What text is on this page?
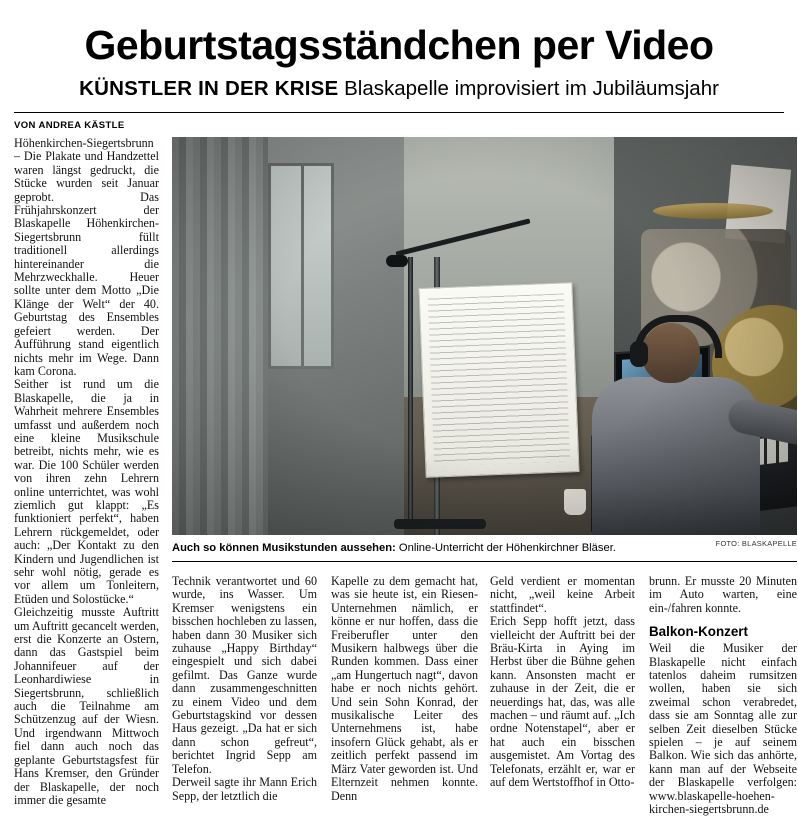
Geburtstagsständchen per Video
KÜNSTLER IN DER KRISE Blaskapelle improvisiert im Jubiläumsjahr
VON ANDREA KÄSTLE

Höhenkirchen-Siegertsbrunn – Die Plakate und Handzettel waren längst gedruckt, die Stücke wurden seit Januar geprobt. Das Frühjahrskonzert der Blaskapelle Höhenkirchen-Siegertsbrunn füllt traditionell allerdings hintereinander die Mehrzweckhalle. Heuer sollte unter dem Motto „Die Klänge der Welt“ der 40. Geburtstag des Ensembles gefeiert werden. Der Aufführung stand eigentlich nichts mehr im Wege. Dann kam Corona.

Seither ist rund um die Blaskapelle, die ja in Wahrheit mehrere Ensembles umfasst und außerdem noch eine kleine Musikschule betreibt, nichts mehr, wie es war. Die 100 Schüler werden von ihren zehn Lehrern online unterrichtet, was wohl ziemlich gut klappt: „Es funktioniert perfekt“, haben Lehrern rückgemeldet, oder auch: „Der Kontakt zu den Kindern und Jugendlichen ist sehr wohl nötig, gerade es vor allem um Tonleitern, Etüden und Solostücke.“

Gleichzeitig musste Auftritt um Auftritt gecancelt werden, erst die Konzerte an Ostern, dann das Gastspiel beim Johannifeuer auf der Leonhardiwiese in Siegertsbrunn, schließlich auch die Teilnahme am Schützenzug auf der Wiesn. Und irgendwann Mittwoch fiel dann auch noch das geplante Geburtstagsfest für Hans Kremser, den Gründer der Blaskapelle, der noch immer die gesamte

Auch so können Musikstunden aussehen: Online-Unterricht der Höhenkirchner Bläser.	FOTO: BLASKAPELLE

Technik verantwortet und 60 wurde, ins Wasser. Um Kremser wenigstens ein bisschen hochleben zu lassen, haben dann 30 Musiker sich zuhause „Happy Birthday“ eingespielt und sich dabei gefilmt. Das Ganze wurde dann zusammengeschnitten zu einem Video und dem Geburtstagskind vor dessen Haus gezeigt. „Da hat er sich dann schon gefreut“, berichtet Ingrid Sepp am Telefon.

Derweil sagte ihr Mann Erich Sepp, der letztlich die

Kapelle zu dem gemacht hat, was sie heute ist, ein Riesen-Unternehmen nämlich, er könne er nur hoffen, dass die Freiberufler unter den Musikern halbwegs über die Runden kommen. Dass einer „am Hungertuch nagt“, davon habe er noch nichts gehört. Und sein Sohn Konrad, der musikalische Leiter des Unternehmens ist, habe insofern Glück gehabt, als er zeitlich perfekt passend im März Vater geworden ist. Und Elternzeit nehmen konnte. Denn

Geld verdient er momentan nicht, „weil keine Arbeit stattfindet“.

Erich Sepp hofft jetzt, dass vielleicht der Auftritt bei der Bräu-Kirta in Aying im Herbst über die Bühne gehen kann. Ansonsten macht er zuhause in der Zeit, die er neuerdings hat, das, was alle machen – und räumt auf. „Ich ordne Notenstapel“, aber er hat auch ein bisschen ausgemistet. Am Vortag des Telefonats, erzählt er, war er auf dem Wertstoffhof in Otto-

brunn. Er musste 20 Minuten im Auto warten, eine ein-/fahren konnte.

Balkon-Konzert

Weil die Musiker der Blaskapelle nicht einfach tatenlos daheim rumsitzen wollen, haben sie sich zweimal schon verabredet, dass sie am Sonntag alle zur selben Zeit dieselben Stücke spielen – je auf seinem Balkon. Wie sich das anhörte, kann man auf der Webseite der Blaskapelle verfolgen: www.blaskapelle-hoehen-kirchen-siegertsbrunn.de
